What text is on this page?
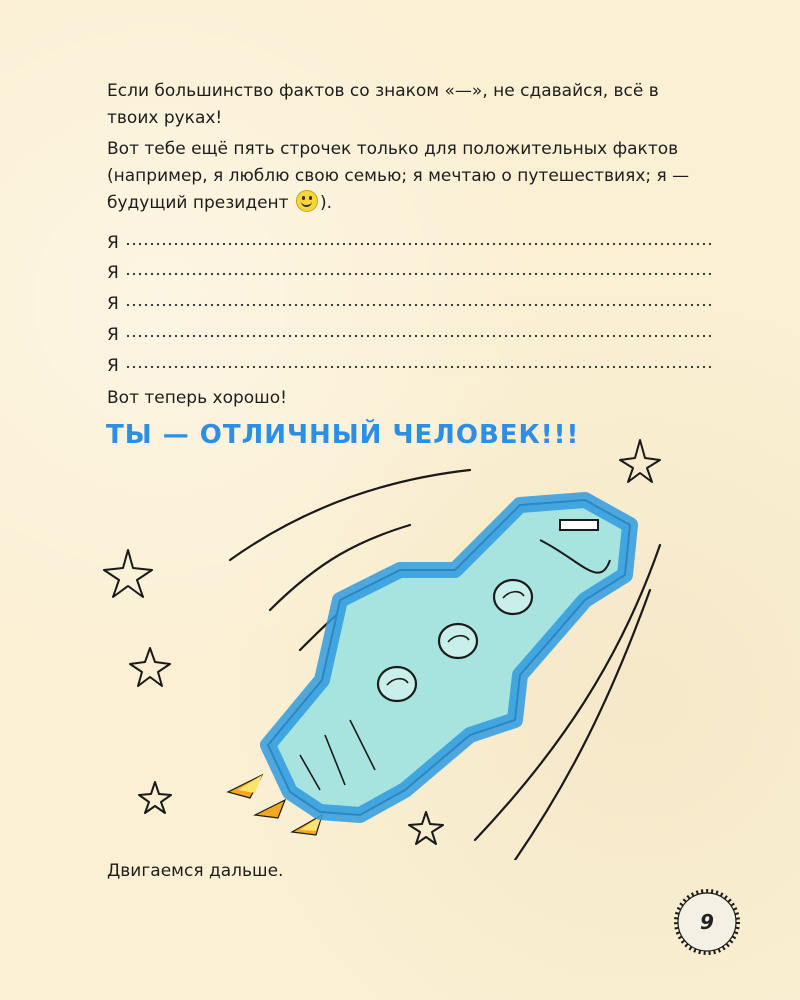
Если большинство фактов со знаком «—», не сдавайся, всё в твоих руках!

Вот тебе ещё пять строчек только для положительных фактов (например, я люблю свою семью; я мечтаю о путешествиях; я — будущий президент
).

Я
Я
Я
Я
Я

Вот теперь хорошо!

ТЫ — ОТЛИЧНЫЙ ЧЕЛОВЕК!!!

Двигаемся дальше.

9
